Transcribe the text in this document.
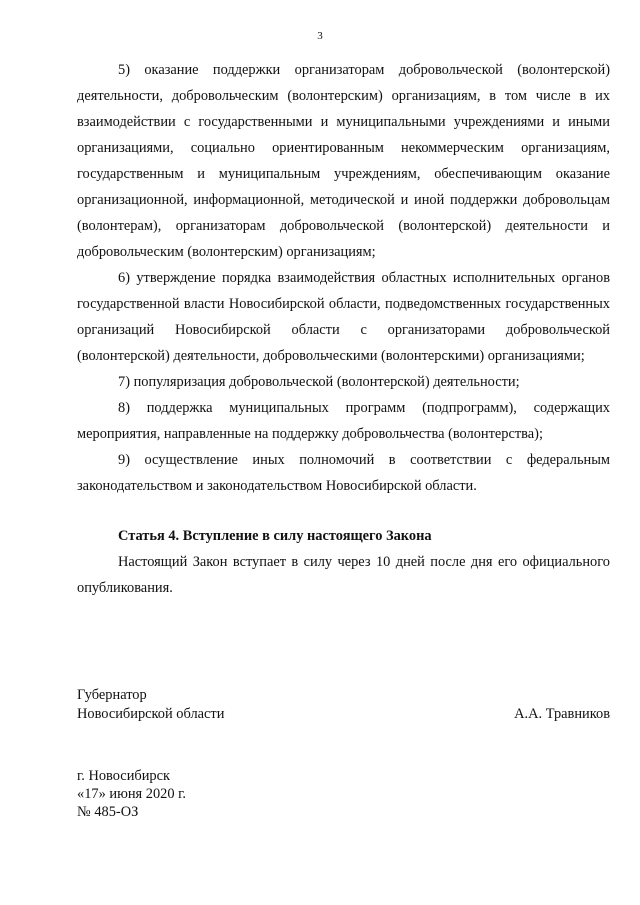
3

5) оказание поддержки организаторам добровольческой (волонтерской) деятельности, добровольческим (волонтерским) организациям, в том числе в их взаимодействии с государственными и муниципальными учреждениями и иными организациями, социально ориентированным некоммерческим организациям, государственным и муниципальным учреждениям, обеспечивающим оказание организационной, информационной, методической и иной поддержки добровольцам (волонтерам), организаторам добровольческой (волонтерской) деятельности и добровольческим (волонтерским) организациям;

6) утверждение порядка взаимодействия областных исполнительных органов государственной власти Новосибирской области, подведомственных государственных организаций Новосибирской области с организаторами добровольческой (волонтерской) деятельности, добровольческими (волонтерскими) организациями;

7) популяризация добровольческой (волонтерской) деятельности;

8) поддержка муниципальных программ (подпрограмм), содержащих мероприятия, направленные на поддержку добровольчества (волонтерства);

9) осуществление иных полномочий в соответствии с федеральным законодательством и законодательством Новосибирской области.

Статья 4. Вступление в силу настоящего Закона

Настоящий Закон вступает в силу через 10 дней после дня его официального опубликования.

Губернатор
Новосибирской области	А.А. Травников
г. Новосибирск
«17» июня 2020 г.
№ 485-ОЗ
